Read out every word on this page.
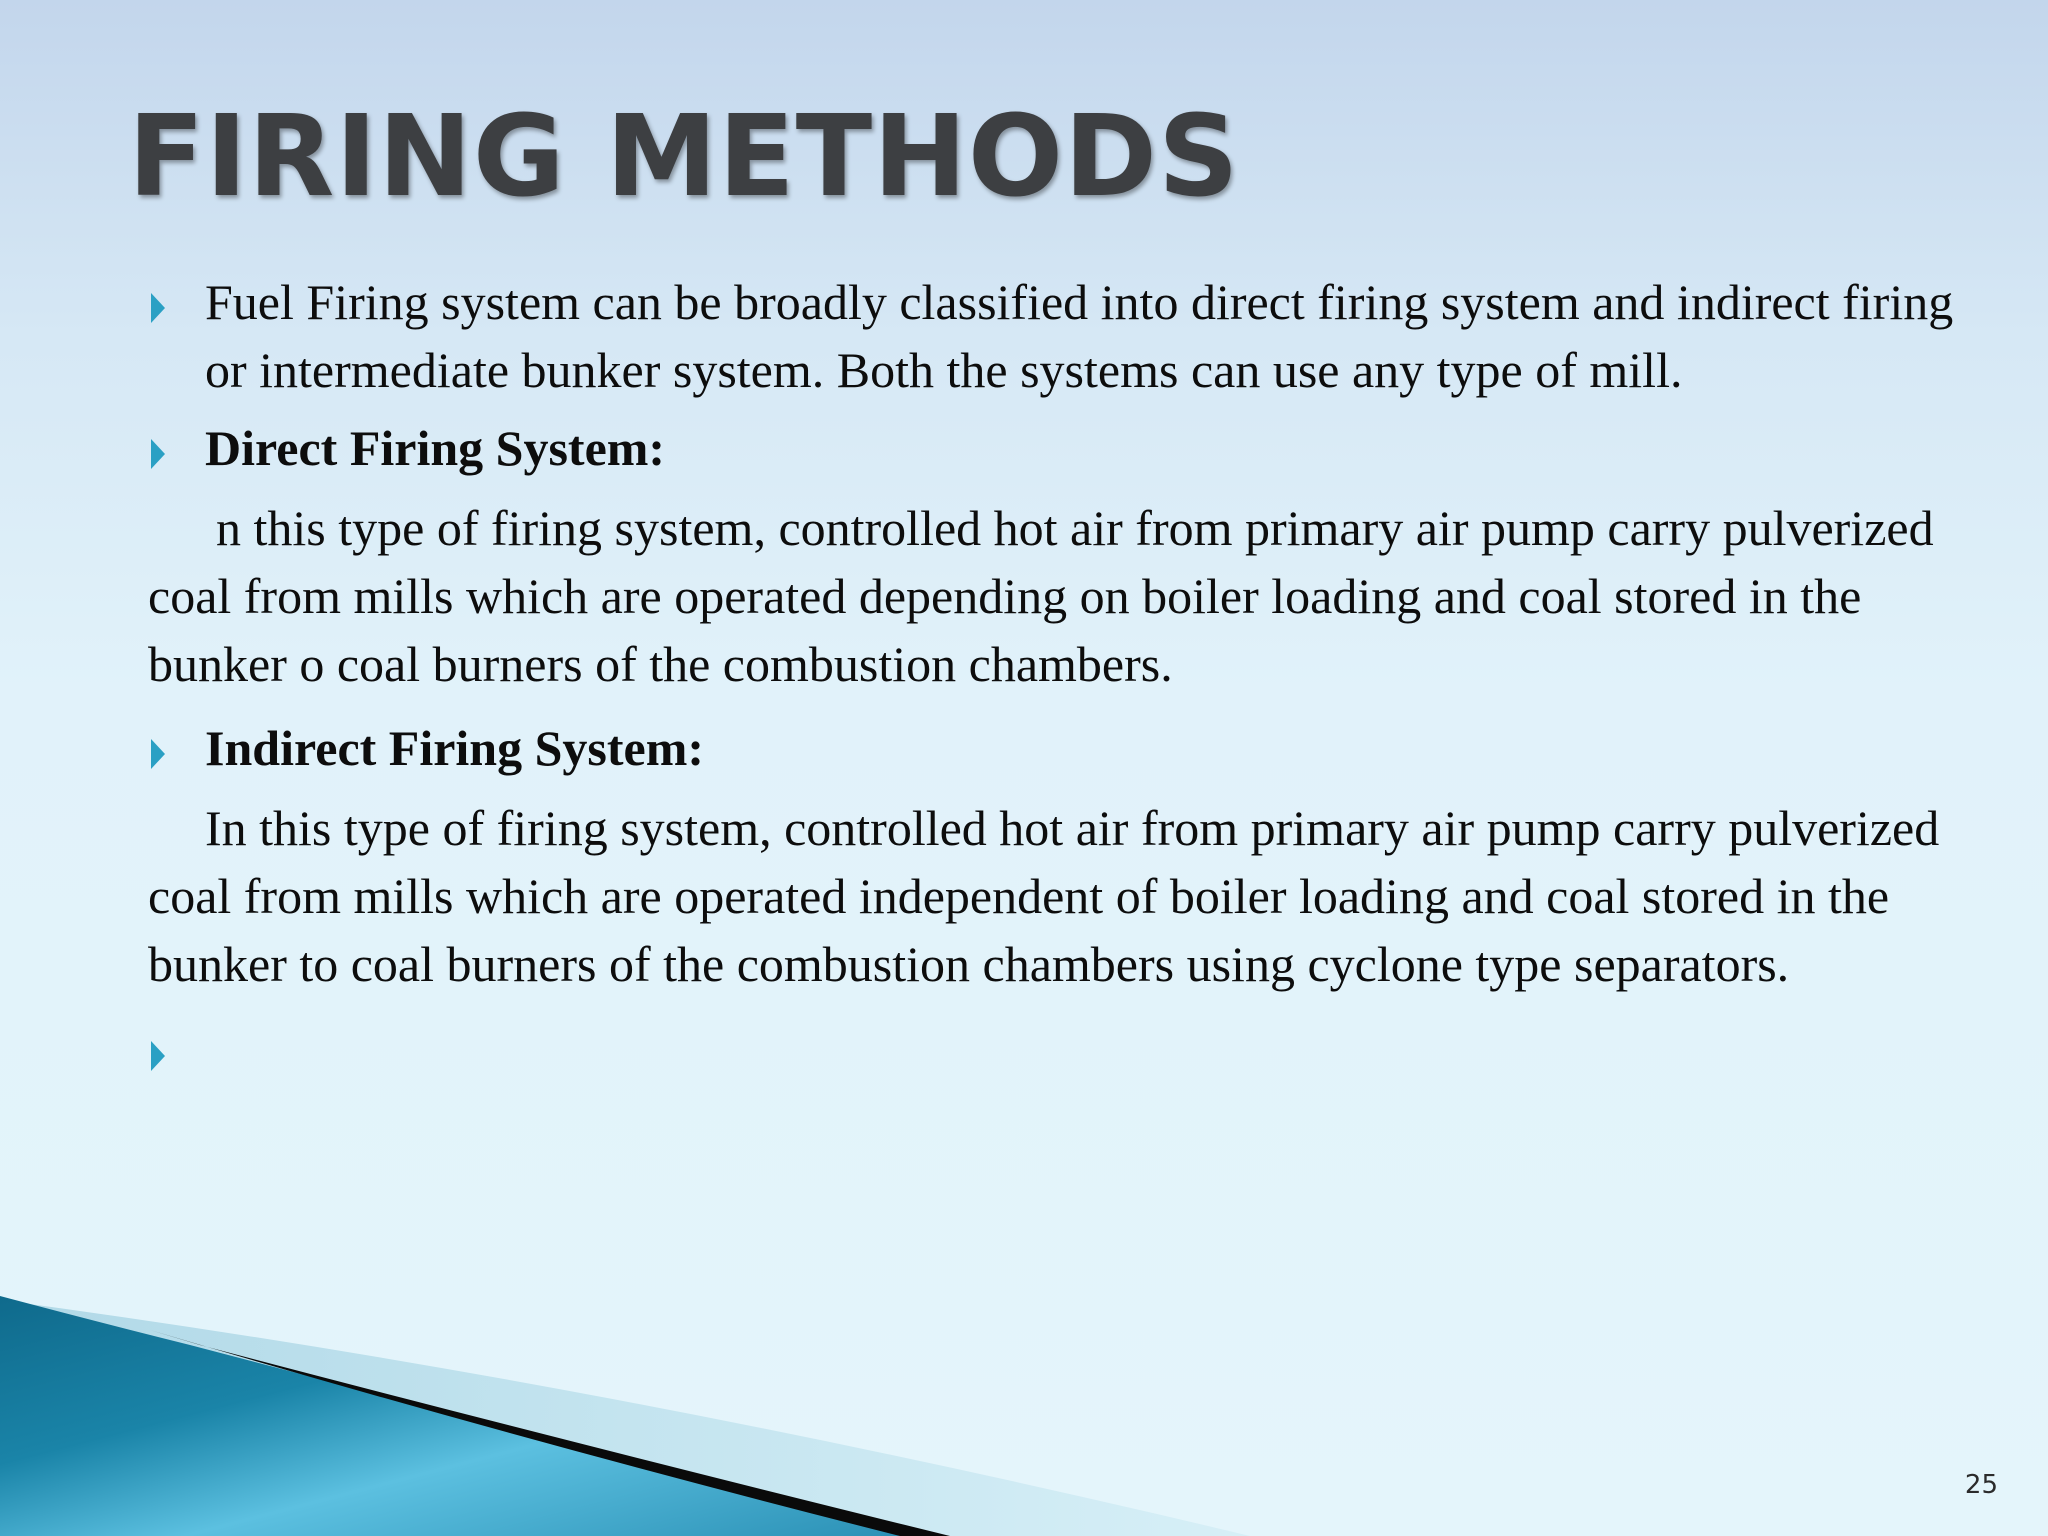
FIRING METHODS
Fuel Firing system can be broadly classified into direct firing system and indirect firing or intermediate bunker system. Both the systems can use any type of mill.
Direct Firing System:
n this type of firing system, controlled hot air from primary air pump carry pulverized coal from mills which are operated depending on boiler loading and coal stored in the bunker o coal burners of the combustion chambers.
Indirect Firing System:
In this type of firing system, controlled hot air from primary air pump carry pulverized coal from mills which are operated independent of boiler loading and coal stored in the bunker to coal burners of the combustion chambers using cyclone type separators.
25
